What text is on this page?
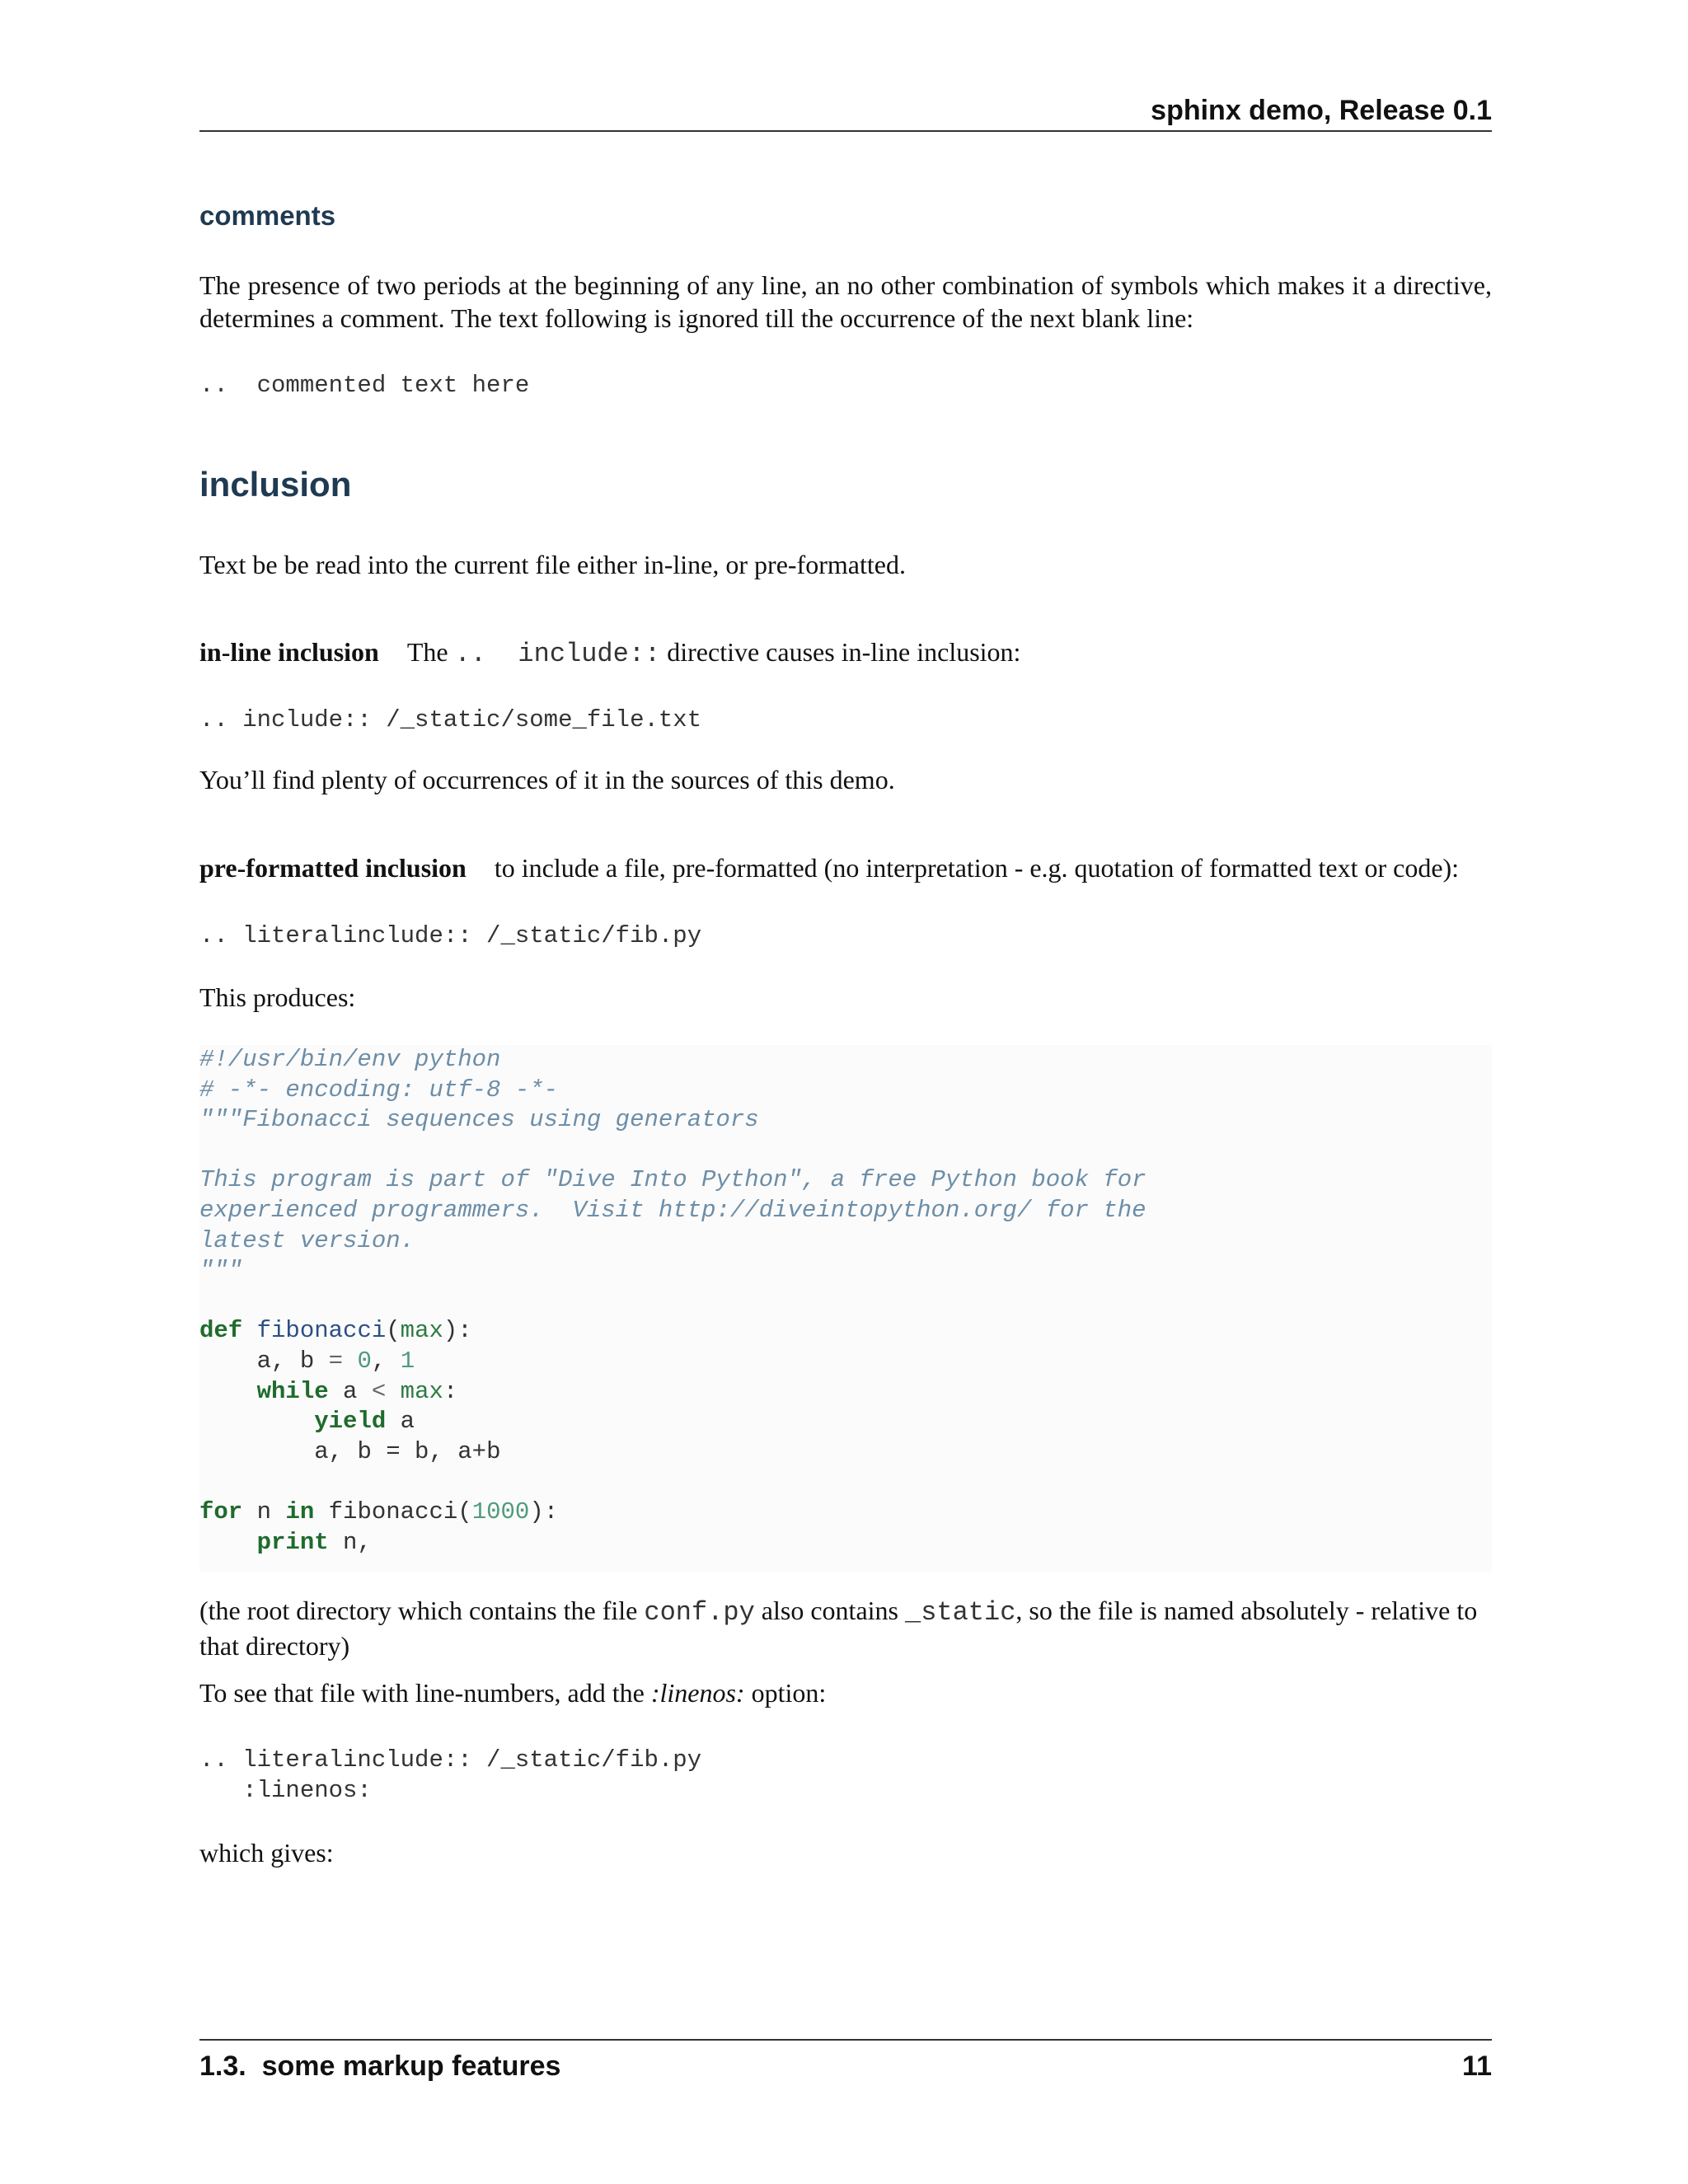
sphinx demo, Release 0.1
comments
The presence of two periods at the beginning of any line, an no other combination of symbols which makes it a directive, determines a comment. The text following is ignored till the occurrence of the next blank line:
..  commented text here
inclusion
Text be be read into the current file either in-line, or pre-formatted.
in-line inclusion The ..  include:: directive causes in-line inclusion:
.. include:: /_static/some_file.txt
You’ll find plenty of occurrences of it in the sources of this demo.
pre-formatted inclusion to include a file, pre-formatted (no interpretation - e.g. quotation of formatted text or code):
.. literalinclude:: /_static/fib.py
This produces:
#!/usr/bin/env python
# -*- encoding: utf-8 -*-
"""Fibonacci sequences using generators

This program is part of "Dive Into Python", a free Python book for
experienced programmers.  Visit http://diveintopython.org/ for the
latest version.
"""

def fibonacci(max):
a, b = 0, 1
while a < max:
yield a
a, b = b, a+b

for n in fibonacci(1000):
print n,
(the root directory which contains the file conf.py also contains _static, so the file is named absolutely - relative to that directory)
To see that file with line-numbers, add the :linenos: option:
.. literalinclude:: /_static/fib.py
:linenos:
which gives:
1.3.  some markup features	11
